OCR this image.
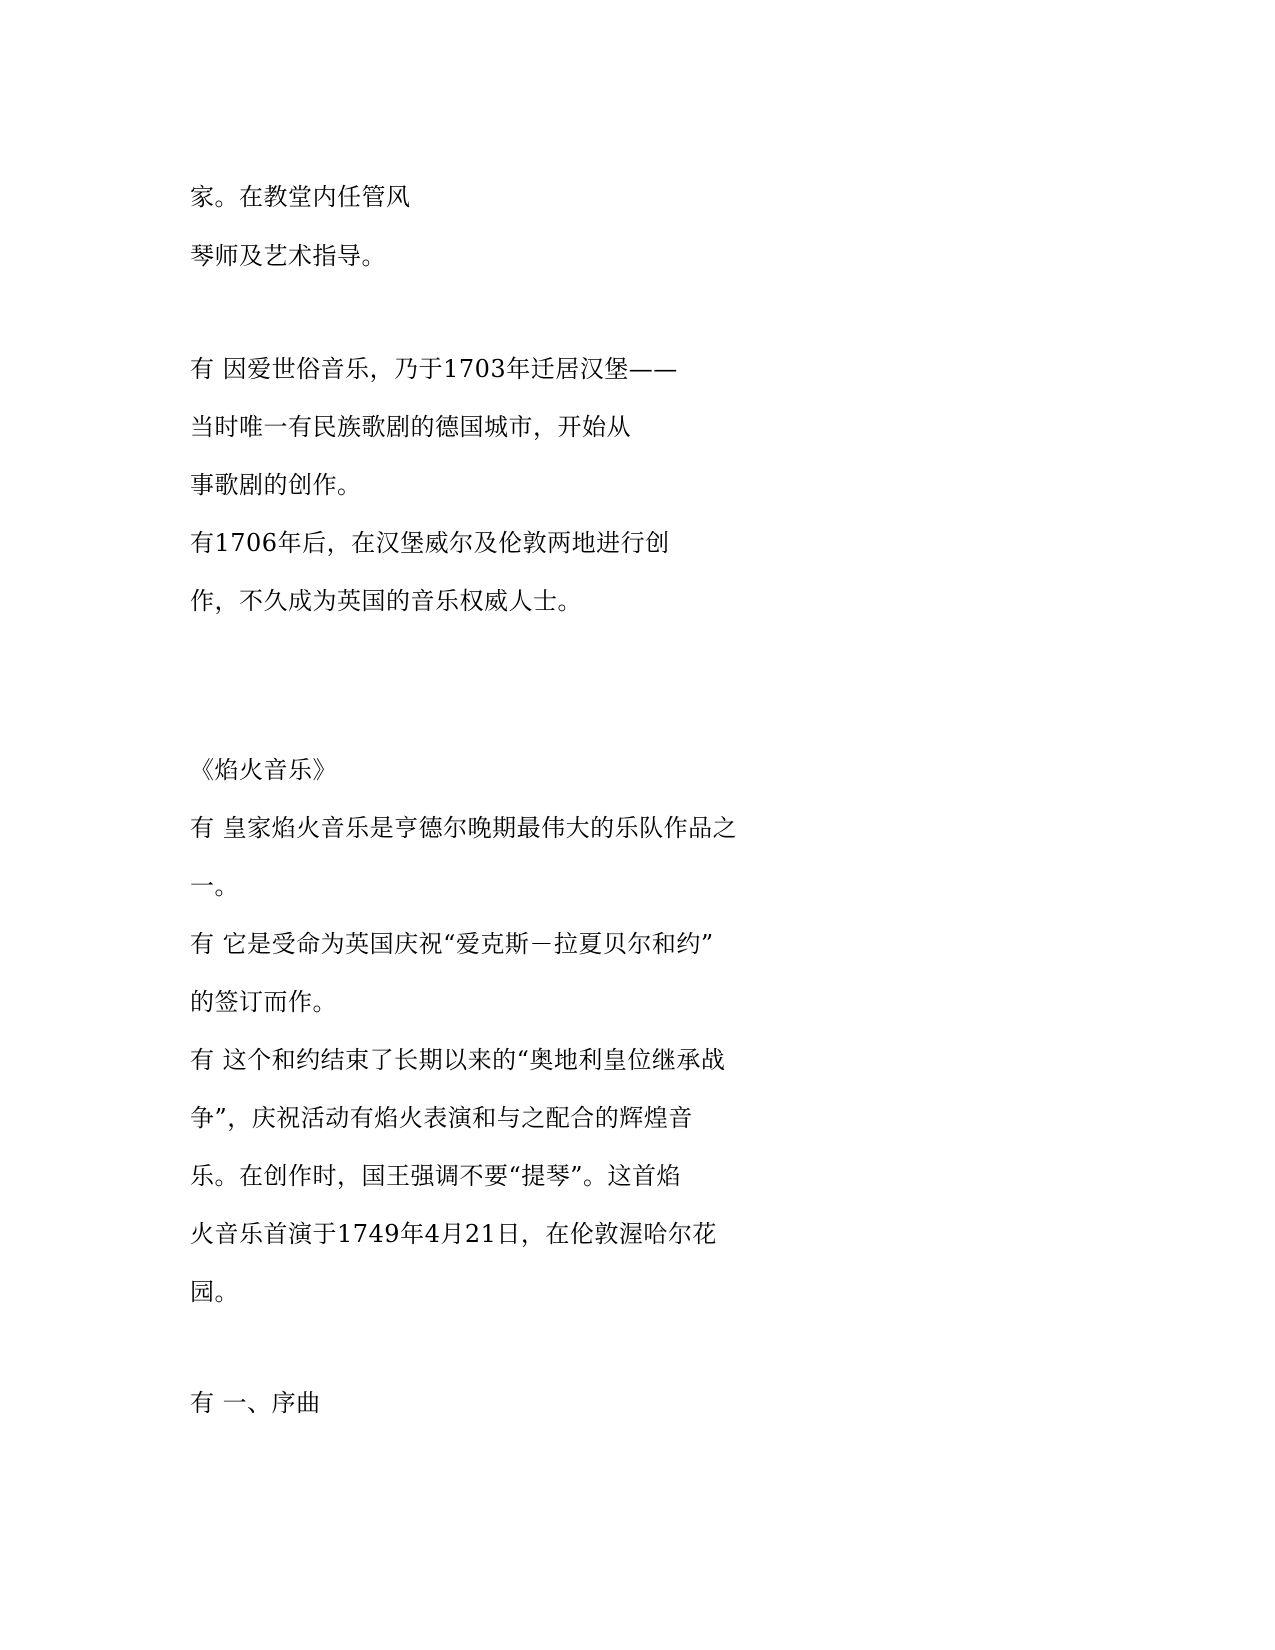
家。在教堂内任管风
琴师及艺术指导。
有 因爱世俗音乐，乃于1703年迁居汉堡——
当时唯一有民族歌剧的德国城市，开始从
事歌剧的创作。
有1706年后，在汉堡威尔及伦敦两地进行创
作，不久成为英国的音乐权威人士。
《焰火音乐》
有 皇家焰火音乐是亨德尔晚期最伟大的乐队作品之
一。
有 它是受命为英国庆祝“爱克斯－拉夏贝尔和约”
的签订而作。
有 这个和约结束了长期以来的“奥地利皇位继承战
争”，庆祝活动有焰火表演和与之配合的辉煌音
乐。在创作时，国王强调不要“提琴”。这首焰
火音乐首演于1749年4月21日，在伦敦渥哈尔花
园。
有 一、序曲
